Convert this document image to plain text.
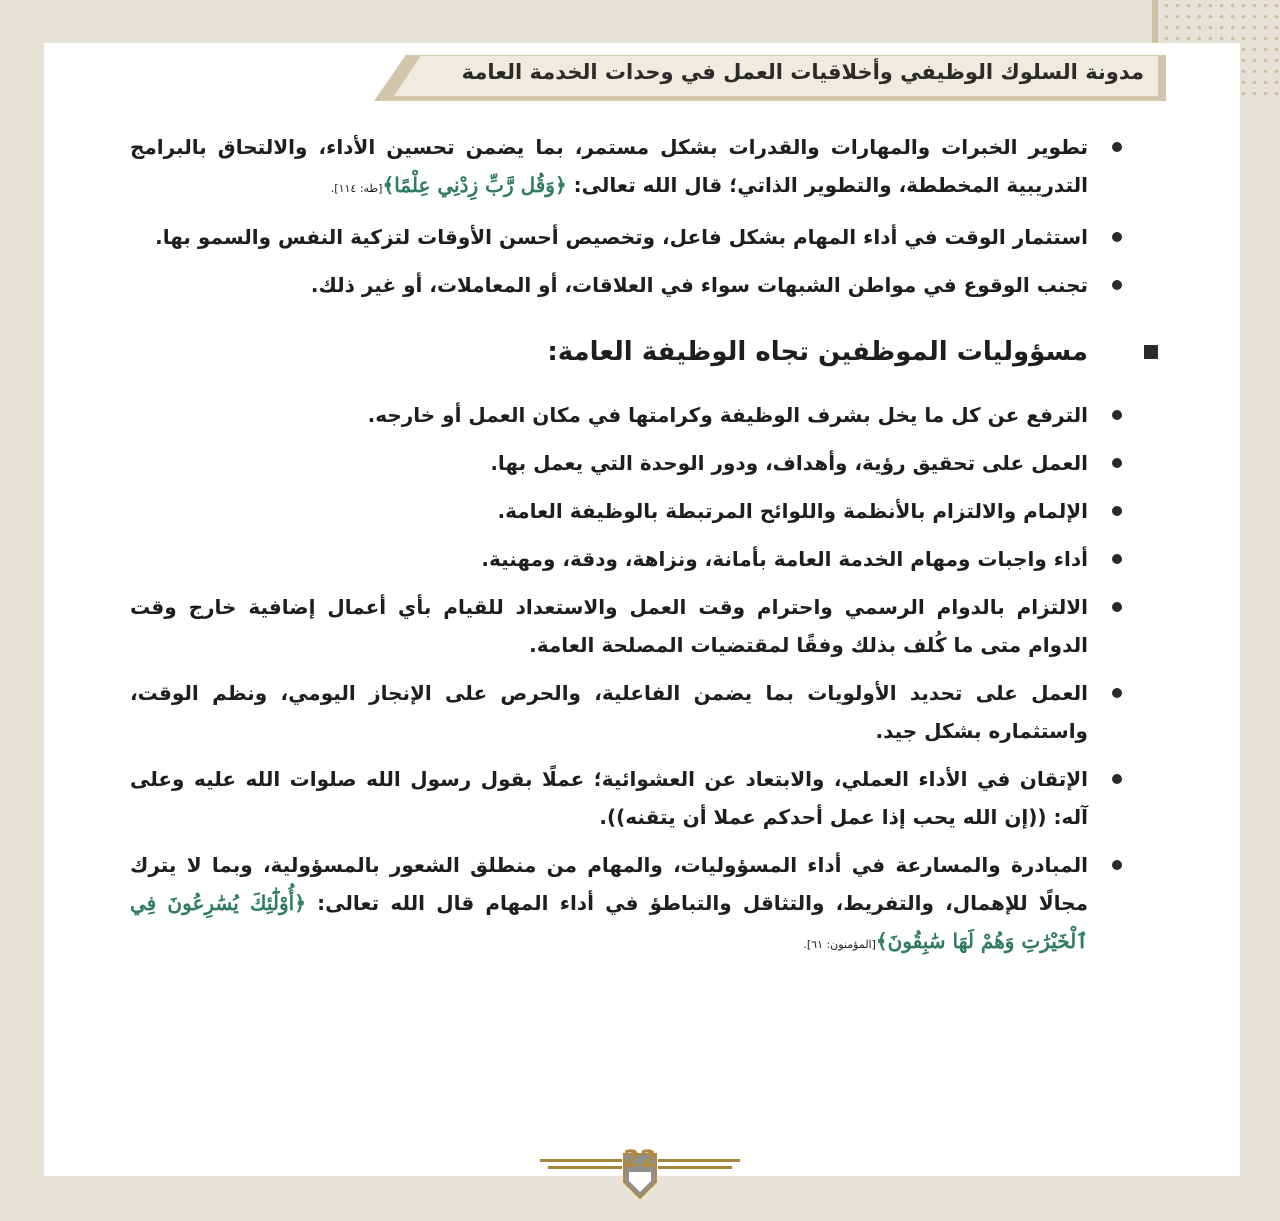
مدونة السلوك الوظيفي وأخلاقيات العمل في وحدات الخدمة العامة
تطوير الخبرات والمهارات والقدرات بشكل مستمر، بما يضمن تحسين الأداء، والالتحاق بالبرامج التدريبية المخططة، والتطوير الذاتي؛ قال الله تعالى: ﴿وَقُل رَّبِّ زِدْنِي عِلْمًا﴾[طه: ١١٤].
استثمار الوقت في أداء المهام بشكل فاعل، وتخصيص أحسن الأوقات لتزكية النفس والسمو بها.
تجنب الوقوع في مواطن الشبهات سواء في العلاقات، أو المعاملات، أو غير ذلك.
مسؤوليات الموظفين تجاه الوظيفة العامة:
الترفع عن كل ما يخل بشرف الوظيفة وكرامتها في مكان العمل أو خارجه.
العمل على تحقيق رؤية، وأهداف، ودور الوحدة التي يعمل بها.
الإلمام والالتزام بالأنظمة واللوائح المرتبطة بالوظيفة العامة.
أداء واجبات ومهام الخدمة العامة بأمانة، ونزاهة، ودقة، ومهنية.
الالتزام بالدوام الرسمي واحترام وقت العمل والاستعداد للقيام بأي أعمال إضافية خارج وقت الدوام متى ما كُلف بذلك وفقًا لمقتضيات المصلحة العامة.
العمل على تحديد الأولويات بما يضمن الفاعلية، والحرص على الإنجاز اليومي، ونظم الوقت، واستثماره بشكل جيد.
الإتقان في الأداء العملي، والابتعاد عن العشوائية؛ عملًا بقول رسول الله صلوات الله عليه وعلى آله: ((إن الله يحب إذا عمل أحدكم عملا أن يتقنه)).
المبادرة والمسارعة في أداء المسؤوليات، والمهام من منطلق الشعور بالمسؤولية، وبما لا يترك مجالًا للإهمال، والتفريط، والتثاقل والتباطؤ في أداء المهام قال الله تعالى: ﴿أُوْلَٰٓئِكَ يُسَٰرِعُونَ فِي ٱلْخَيْرَٰتِ وَهُمْ لَهَا سَٰبِقُونَ﴾[المؤمنون: ٦١].
22
